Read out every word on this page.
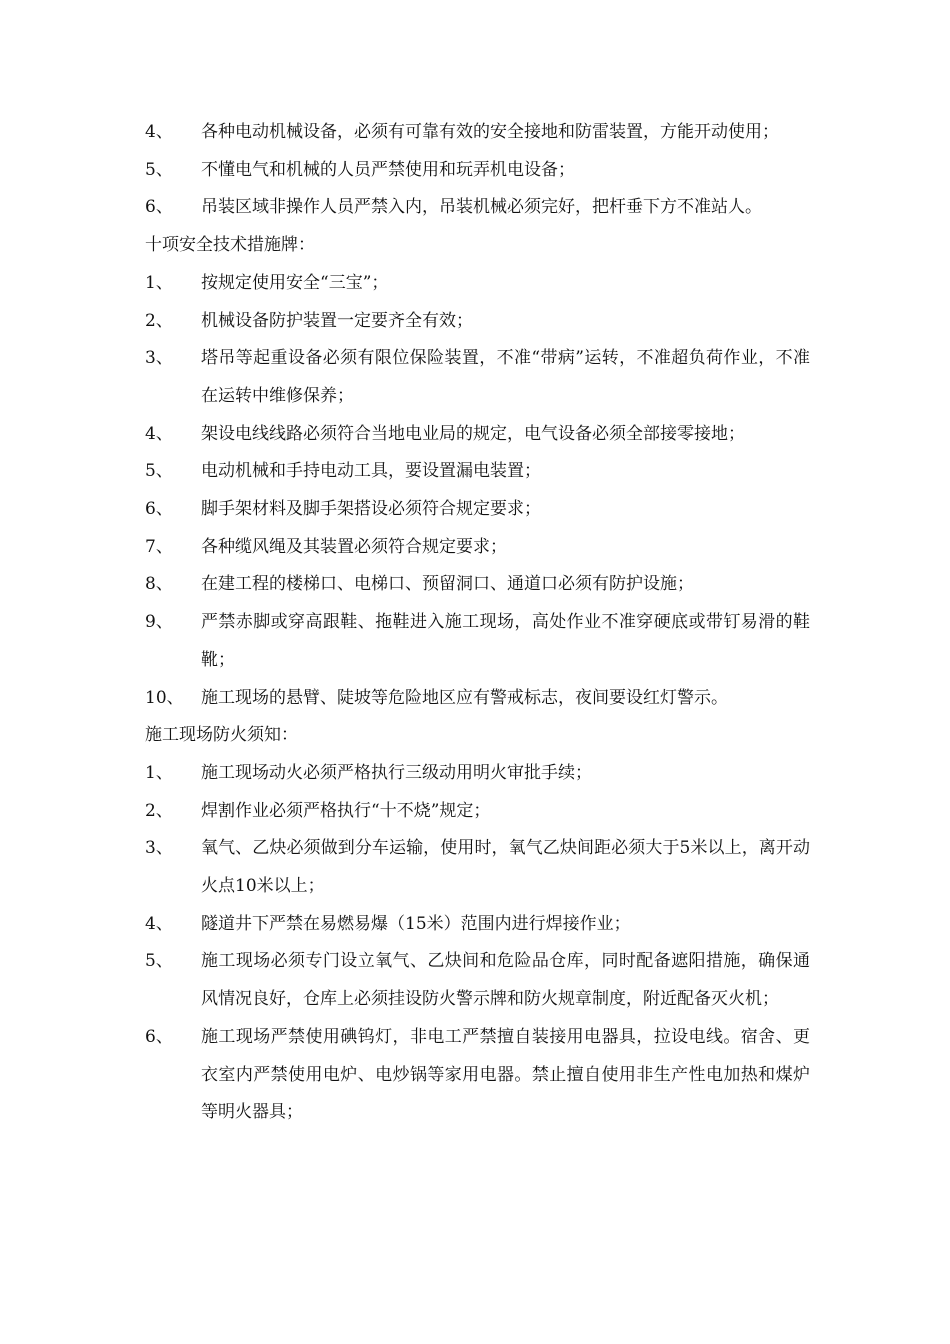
4、	各种电动机械设备，必须有可靠有效的安全接地和防雷装置，方能开动使用；
5、	不懂电气和机械的人员严禁使用和玩弄机电设备；
6、	吊装区域非操作人员严禁入内，吊装机械必须完好，把杆垂下方不准站人。
十项安全技术措施牌：
1、	按规定使用安全“三宝”；
2、	机械设备防护装置一定要齐全有效；
3、	塔吊等起重设备必须有限位保险装置，不准“带病”运转，不准超负荷作业，不准在运转中维修保养；
4、	架设电线线路必须符合当地电业局的规定，电气设备必须全部接零接地；
5、	电动机械和手持电动工具，要设置漏电装置；
6、	脚手架材料及脚手架搭设必须符合规定要求；
7、	各种缆风绳及其装置必须符合规定要求；
8、	在建工程的楼梯口、电梯口、预留洞口、通道口必须有防护设施；
9、	严禁赤脚或穿高跟鞋、拖鞋进入施工现场，高处作业不准穿硬底或带钉易滑的鞋靴；
10、	施工现场的悬臂、陡坡等危险地区应有警戒标志，夜间要设红灯警示。
施工现场防火须知：
1、	施工现场动火必须严格执行三级动用明火审批手续；
2、	焊割作业必须严格执行“十不烧”规定；
3、	氧气、乙炔必须做到分车运输，使用时，氧气乙炔间距必须大于5米以上，离开动火点10米以上；
4、	隧道井下严禁在易燃易爆（15米）范围内进行焊接作业；
5、	施工现场必须专门设立氧气、乙炔间和危险品仓库，同时配备遮阳措施，确保通风情况良好，仓库上必须挂设防火警示牌和防火规章制度，附近配备灭火机；
6、	施工现场严禁使用碘钨灯，非电工严禁擅自装接用电器具，拉设电线。宿舍、更衣室内严禁使用电炉、电炒锅等家用电器。禁止擅自使用非生产性电加热和煤炉等明火器具；
